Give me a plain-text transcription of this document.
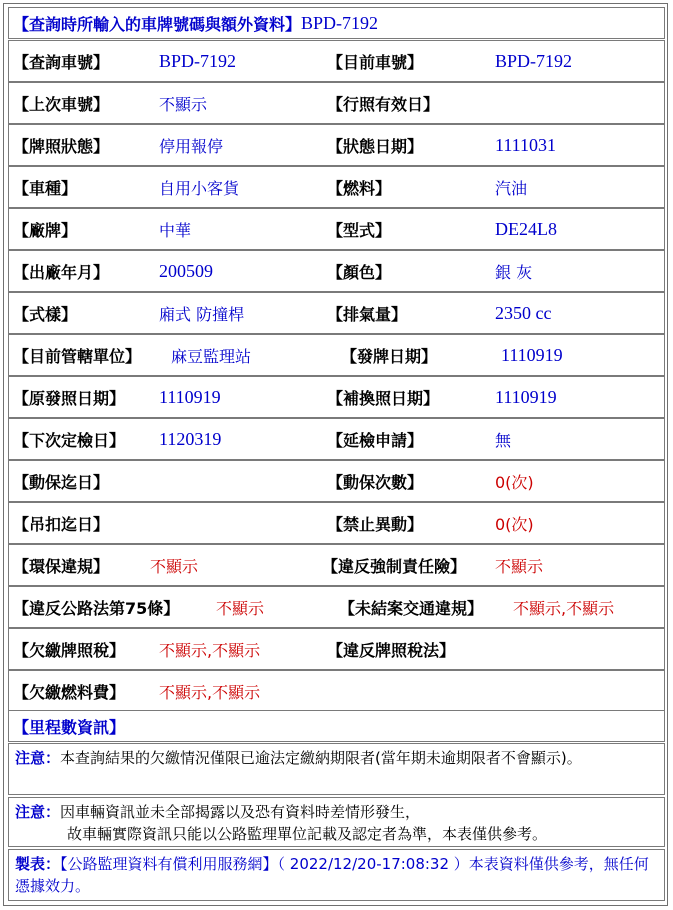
【查詢時所輸入的車牌號碼與額外資料】 BPD-7192
【查詢車號】	BPD-7192	【目前車號】	BPD-7192
【上次車號】	不顯示	【行照有效日】
【牌照狀態】	停用報停	【狀態日期】	1111031
【車種】	自用小客貨	【燃料】	汽油
【廠牌】	中華	【型式】	DE24L8
【出廠年月】	200509	【顏色】	銀 灰
【式樣】	廂式 防撞桿	【排氣量】	2350 cc
【目前管轄單位】 麻豆監理站	【發牌日期】	1110919
【原發照日期】 1110919	【補換照日期】	1110919
【下次定檢日】 1120319	【延檢申請】	無
【動保迄日】	【動保次數】	0(次)
【吊扣迄日】	【禁止異動】	0(次)
【環保違規】	不顯示	【違反強制責任險】 不顯示
【違反公路法第75條】 不顯示	【未結案交通違規】 不顯示,不顯示
【欠繳牌照稅】 不顯示,不顯示	【違反牌照稅法】
【欠繳燃料費】 不顯示,不顯示
【里程數資訊】
注意：本查詢結果的欠繳情況僅限已逾法定繳納期限者(當年期未逾期限者不會顯示)。
注意：因車輛資訊並未全部揭露以及恐有資料時差情形發生，
故車輛實際資訊只能以公路監理單位記載及認定者為準，本表僅供參考。
製表：【公路監理資料有償利用服務網】（ 2022/12/20-17:08:32 ）本表資料僅供參考，無任何憑據效力。
